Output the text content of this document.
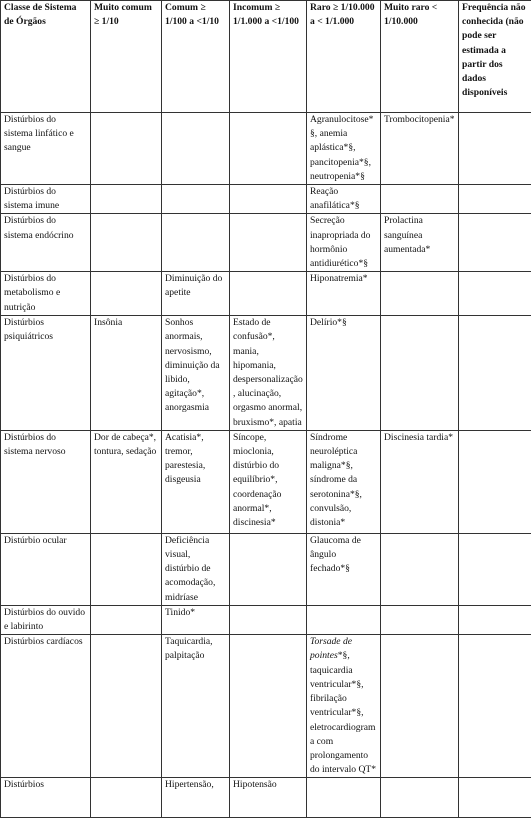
Classe de Sistema de Órgãos	Muito comum ≥ 1/10	Comum ≥ 1/100 a <1/10	Incomum ≥ 1/1.000 a <1/100	Raro ≥ 1/10.000 a < 1/1.000	Muito raro < 1/10.000	Frequência não conhecida (não pode ser estimada a partir dos dados disponíveis
Distúrbios do sistema linfático e sangue				Agranulocitose*§, anemia aplástica*§, pancitopenia*§, neutropenia*§	Trombocitopenia*	
Distúrbios do sistema imune				Reação anafilática*§		
Distúrbios do sistema endócrino				Secreção inapropriada do hormônio antidiurético*§	Prolactina sanguínea aumentada*	
Distúrbios do metabolismo e nutrição		Diminuição do apetite		Hiponatremia*		
Distúrbios psiquiátricos	Insônia	Sonhos anormais, nervosismo, diminuição da libido, agitação*, anorgasmia	Estado de confusão*, mania, hipomania, despersonalização, alucinação, orgasmo anormal, bruxismo*, apatia	Delírio*§		
Distúrbios do sistema nervoso	Dor de cabeça*, tontura, sedação	Acatisia*, tremor, parestesia, disgeusia	Síncope, mioclonia, distúrbio do equilíbrio*, coordenação anormal*, discinesia*	Síndrome neuroléptica maligna*§, síndrome da serotonina*§, convulsão, distonia*	Discinesia tardia*	
Distúrbio ocular		Deficiência visual, distúrbio de acomodação, midríase		Glaucoma de ângulo fechado*§		
Distúrbios do ouvido e labirinto		Tinido*				
Distúrbios cardíacos		Taquicardia, palpitação		Torsade de pointes*§, taquicardia ventricular*§, fibrilação ventricular*§, eletrocardiograma com prolongamento do intervalo QT*		
Distúrbios		Hipertensão,	Hipotensão			
